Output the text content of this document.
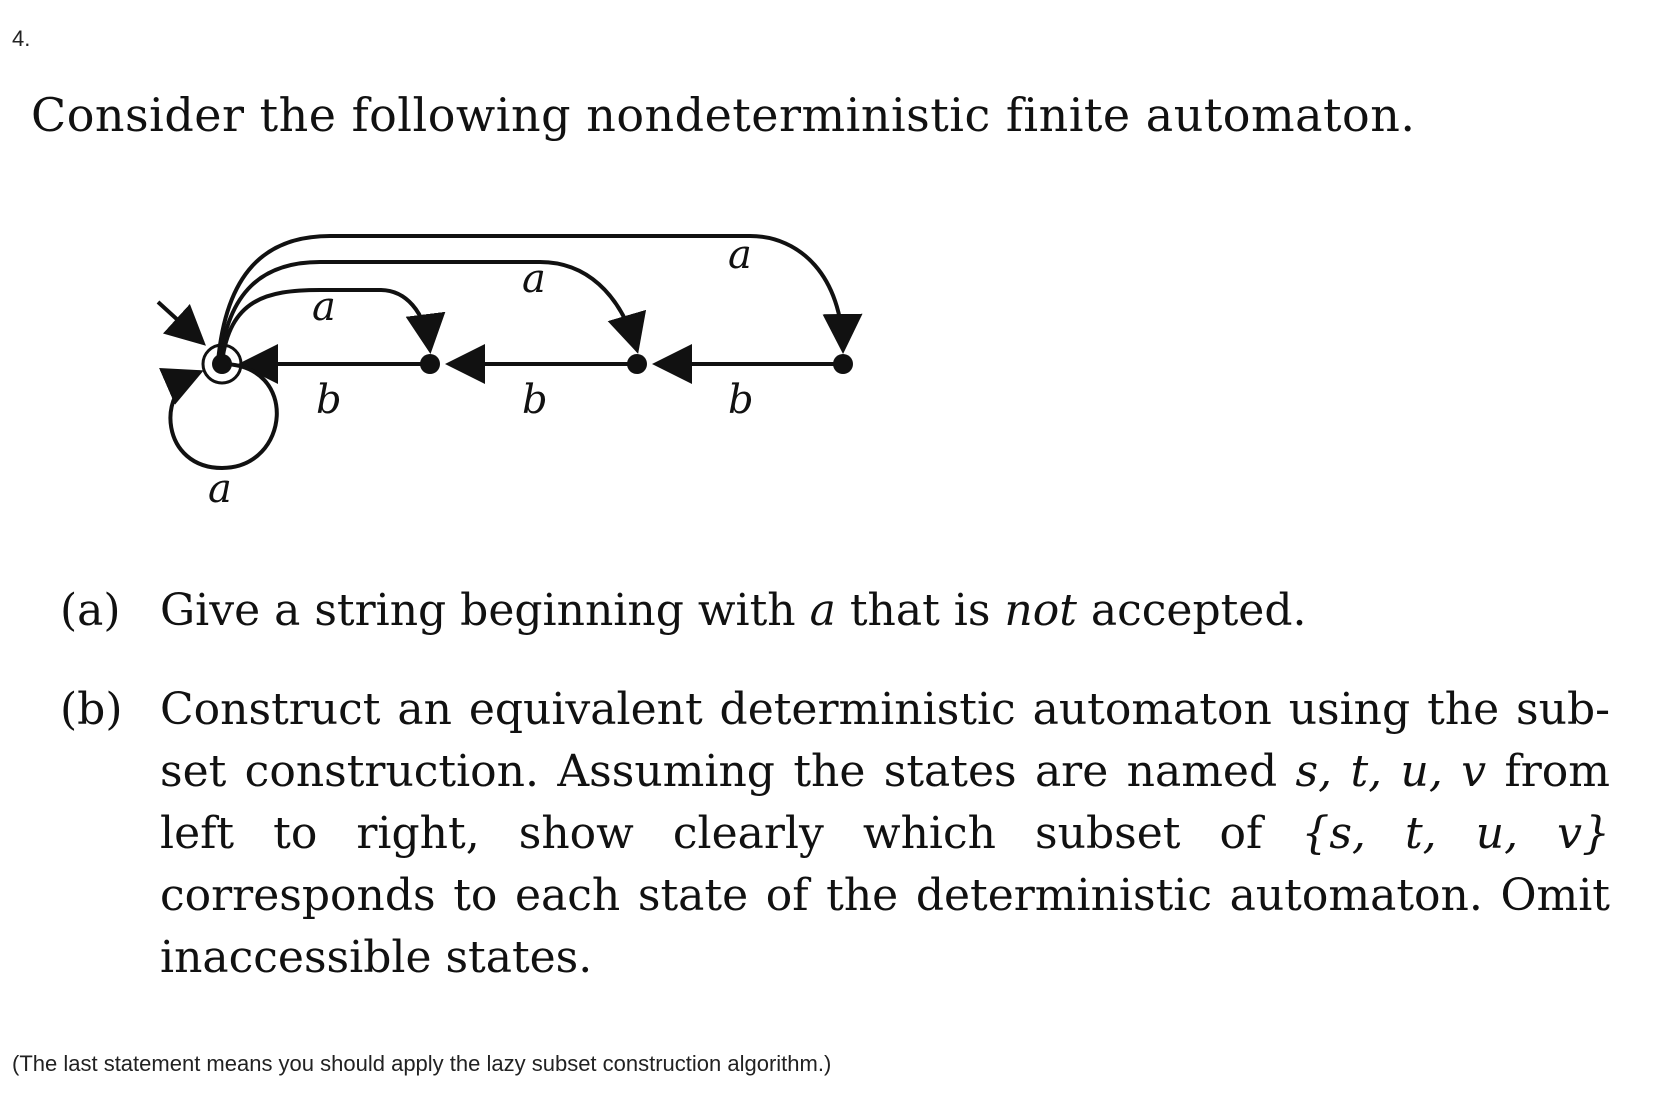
4.
Consider the following nondeterministic finite automaton.
a
a
a
b	b	b
a
(a) Give a string beginning with a that is not accepted.
(b) Construct an equivalent deterministic automaton using the sub-set construction. Assuming the states are named s, t, u, v from left to right, show clearly which subset of {s, t, u, v} corresponds to each state of the deterministic automaton. Omit inaccessible states.
(The last statement means you should apply the lazy subset construction algorithm.)
